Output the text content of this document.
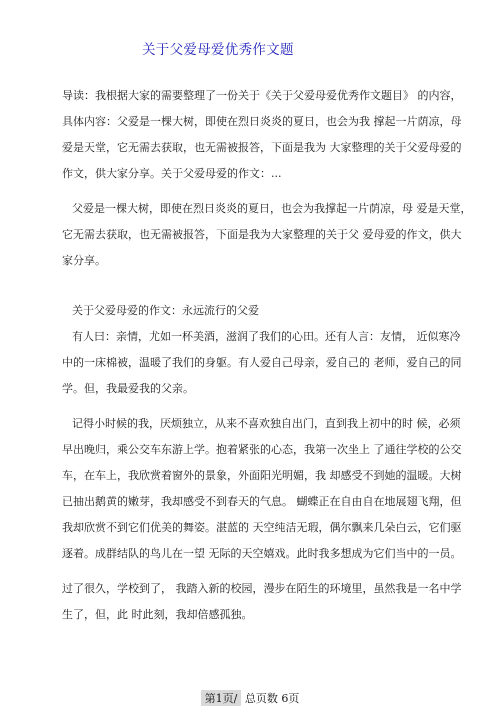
关于父爱母爱优秀作文题
导读：我根据大家的需要整理了一份关于《关于父爱母爱优秀作文题目》 的内容，
具体内容：父爱是一棵大树，即使在烈日炎炎的夏日，也会为我 撑起一片荫凉，母
爱是天堂，它无需去获取，也无需被报答，下面是我为 大家整理的关于父爱母爱的
作文，供大家分享。关于父爱母爱的作文：...
父爱是一棵大树，即使在烈日炎炎的夏日，也会为我撑起一片荫凉，母 爱是天堂，
它无需去获取，也无需被报答，下面是我为大家整理的关于父 爱母爱的作文，供大
家分享。
关于父爱母爱的作文：永远流行的父爱
有人曰：亲情，尤如一杯美酒，滋润了我们的心田。还有人言：友情， 近似寒冷
中的一床棉被，温暖了我们的身躯。有人爱自己母亲，爱自己的 老师，爱自己的同
学。但，我最爱我的父亲。
记得小时候的我，厌烦独立，从来不喜欢独自出门，直到我上初中的时 候，必须
早出晚归，乘公交车东游上学。抱着紧张的心态，我第一次坐上 了通往学校的公交
车，在车上，我欣赏着窗外的景象，外面阳光明媚，我 却感受不到她的温暖。大树
已抽出鹅黄的嫩芽，我却感受不到春天的气息。 蝴蝶正在自由自在地展翅飞翔，但
我却欣赏不到它们优美的舞姿。湛蓝的 天空纯洁无瑕，偶尔飘来几朵白云，它们驱
逐着。成群结队的鸟儿在一望 无际的天空嬉戏。此时我多想成为它们当中的一员。
过了很久，学校到了， 我踏入新的校园，漫步在陌生的环境里，虽然我是一名中学
生了，但，此 时此刻，我却倍感孤独。
第1页/ 总页数 6页
